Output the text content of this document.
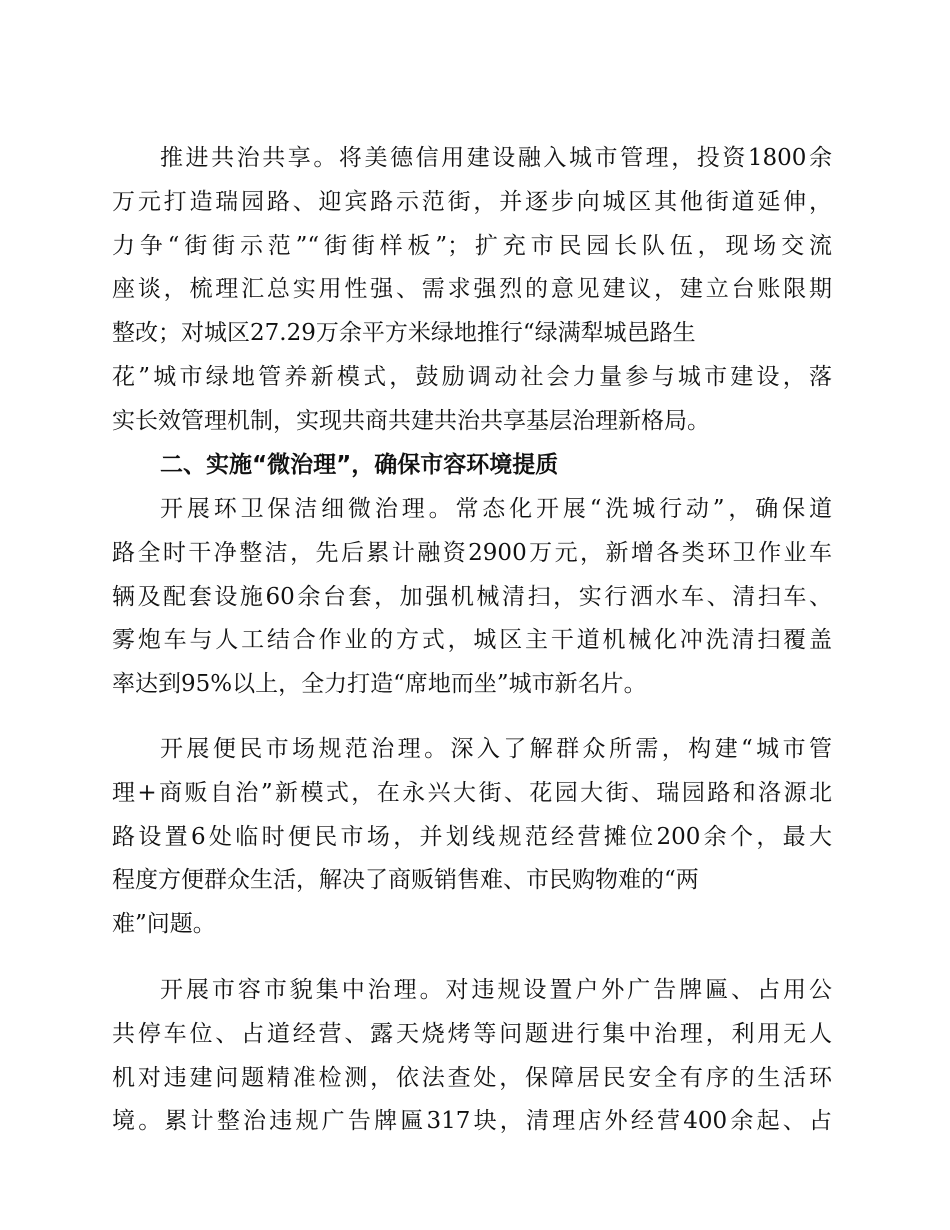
推进共治共享。将美德信用建设融入城市管理，投资1800余
万元打造瑞园路、迎宾路示范街，并逐步向城区其他街道延伸，
力争“街街示范”“街街样板”；扩充市民园长队伍，现场交流
座谈，梳理汇总实用性强、需求强烈的意见建议，建立台账限期
整改；对城区27.29万余平方米绿地推行“绿满犁城邑路生
花”城市绿地管养新模式，鼓励调动社会力量参与城市建设，落
实长效管理机制，实现共商共建共治共享基层治理新格局。
二、实施“微治理”，确保市容环境提质
开展环卫保洁细微治理。常态化开展“洗城行动”，确保道
路全时干净整洁，先后累计融资2900万元，新增各类环卫作业车
辆及配套设施60余台套，加强机械清扫，实行洒水车、清扫车、
雾炮车与人工结合作业的方式，城区主干道机械化冲洗清扫覆盖
率达到95%以上，全力打造“席地而坐”城市新名片。
开展便民市场规范治理。深入了解群众所需，构建“城市管
理+商贩自治”新模式，在永兴大街、花园大街、瑞园路和洛源北
路设置6处临时便民市场，并划线规范经营摊位200余个，最大
程度方便群众生活，解决了商贩销售难、市民购物难的“两
难”问题。
开展市容市貌集中治理。对违规设置户外广告牌匾、占用公
共停车位、占道经营、露天烧烤等问题进行集中治理，利用无人
机对违建问题精准检测，依法查处，保障居民安全有序的生活环
境。累计整治违规广告牌匾317块，清理店外经营400余起、占
